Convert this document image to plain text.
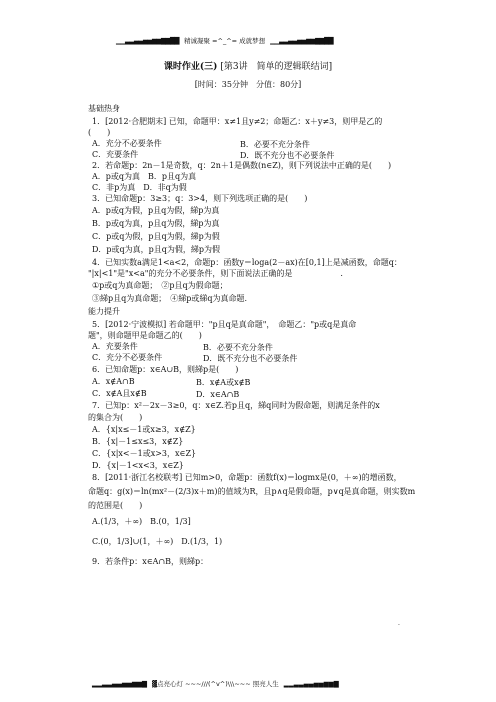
▁▁▃▃▄▄▅▅▆▆▇▇██ 精诚凝聚 =^_^= 成就梦想 ▁▁▃▃▄▄▅▅▆▆▇▇██
课时作业(三) [第3讲　简单的逻辑联结词]
[时间：35分钟　分值：80分]
基础热身
1．[2012·合肥期末] 已知，命题甲：x≠1且y≠2；命题乙：x＋y≠3，则甲是乙的
(　　)
A．充分不必要条件	B．必要不充分条件
C．充要条件	D．既不充分也不必要条件
2．若命题p：2n－1是奇数，q：2n＋1是偶数(n∈Z)，则下列说法中正确的是(　　)
A．p或q为真　B．p且q为真
C．非p为真　D．非q为假
3．已知命题p：3≥3；q：3>4，则下列选项正确的是(　　)
A．p或q为假，p且q为假，綈p为真
B．p或q为真，p且q为假，綈p为真
C．p或q为假，p且q为假，綈p为假
D．p或q为真，p且q为假，綈p为假
4．已知实数a满足1<a<2，命题p：函数y＝loga(2－ax)在[0,1]上是减函数，命题q：
"|x|<1"是"x<a"的充分不必要条件，则下面说法正确的是　　　　　　.
①p或q为真命题；　②p且q为假命题；
③綈p且q为真命题；　④綈p或綈q为真命题.
能力提升
5．[2012·宁波模拟] 若命题甲："p且q是真命题"，　命题乙："p或q是真命
题"，则命题甲是命题乙的(　　)
A．充要条件	B．必要不充分条件
C．充分不必要条件	D．既不充分也不必要条件
6．已知命题p：x∈A∪B，则綈p是(　　)
A．x∉A∩B	B．x∉A或x∉B
C．x∉A且x∉B	D．x∈A∩B
7．已知p：x²－2x－3≥0，q：x∈Z.若p且q，綈q同时为假命题，则满足条件的x
的集合为(　　)
A．{x|x≤－1或x≥3，x∉Z}
B．{x|－1≤x≤3，x∉Z}
C．{x|x<－1或x>3，x∈Z}
D．{x|－1<x<3，x∈Z}
8．[2011·浙江名校联考] 已知m>0，命题p：函数f(x)＝logmx是(0，＋∞)的增函数，
命题q：g(x)＝ln(mx²－(2/3)x＋m)的值域为R，且p∧q是假命题，p∨q是真命题，则实数m
的范围是(　　)
A.(1/3，＋∞)　B.(0，1/3]
C.(0，1/3]∪(1，＋∞)　D.(1/3，1)
9．若条件p：x∈A∩B，则綈p：
.
▂▂▃▃▄▄▅▅▆▆▇ ▓点亮心灯 ~~~///(^v^)\\\~~~ 照亮人生 ▂▂▃▃▄▄▅▅▆▆▇
